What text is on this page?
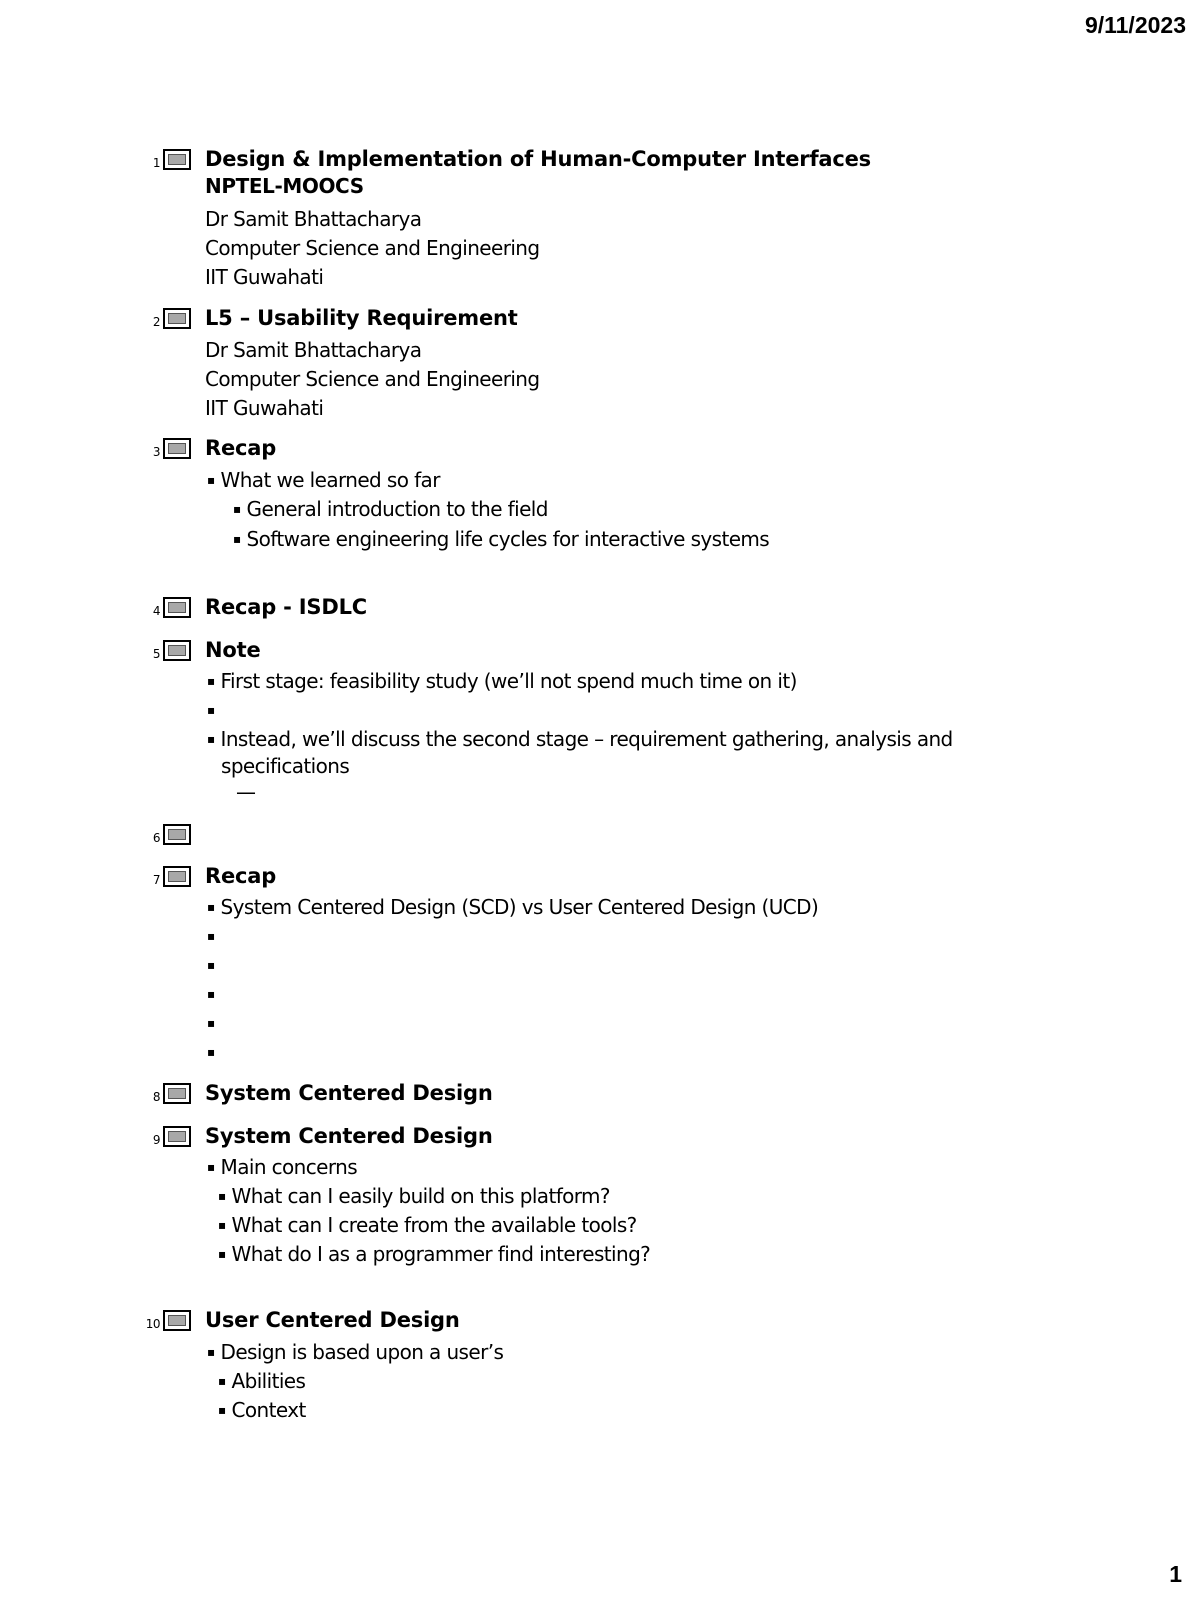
9/11/2023
1 Design & Implementation of Human-Computer Interfaces
NPTEL-MOOCS
Dr Samit Bhattacharya
Computer Science and Engineering
IIT Guwahati
2 L5 – Usability Requirement
Dr Samit Bhattacharya
Computer Science and Engineering
IIT Guwahati
3 Recap
▪ What we learned so far
▪ General introduction to the field
▪ Software engineering life cycles for interactive systems
4 Recap - ISDLC
5 Note
▪ First stage: feasibility study (we’ll not spend much time on it)
▪
▪ Instead, we’ll discuss the second stage – requirement gathering, analysis and
specifications
—
6
7 Recap
▪ System Centered Design (SCD) vs User Centered Design (UCD)
▪
▪
▪
▪
▪
8 System Centered Design
9 System Centered Design
▪ Main concerns
▪ What can I easily build on this platform?
▪ What can I create from the available tools?
▪ What do I as a programmer find interesting?
10 User Centered Design
▪ Design is based upon a user’s
▪ Abilities
▪ Context
1
